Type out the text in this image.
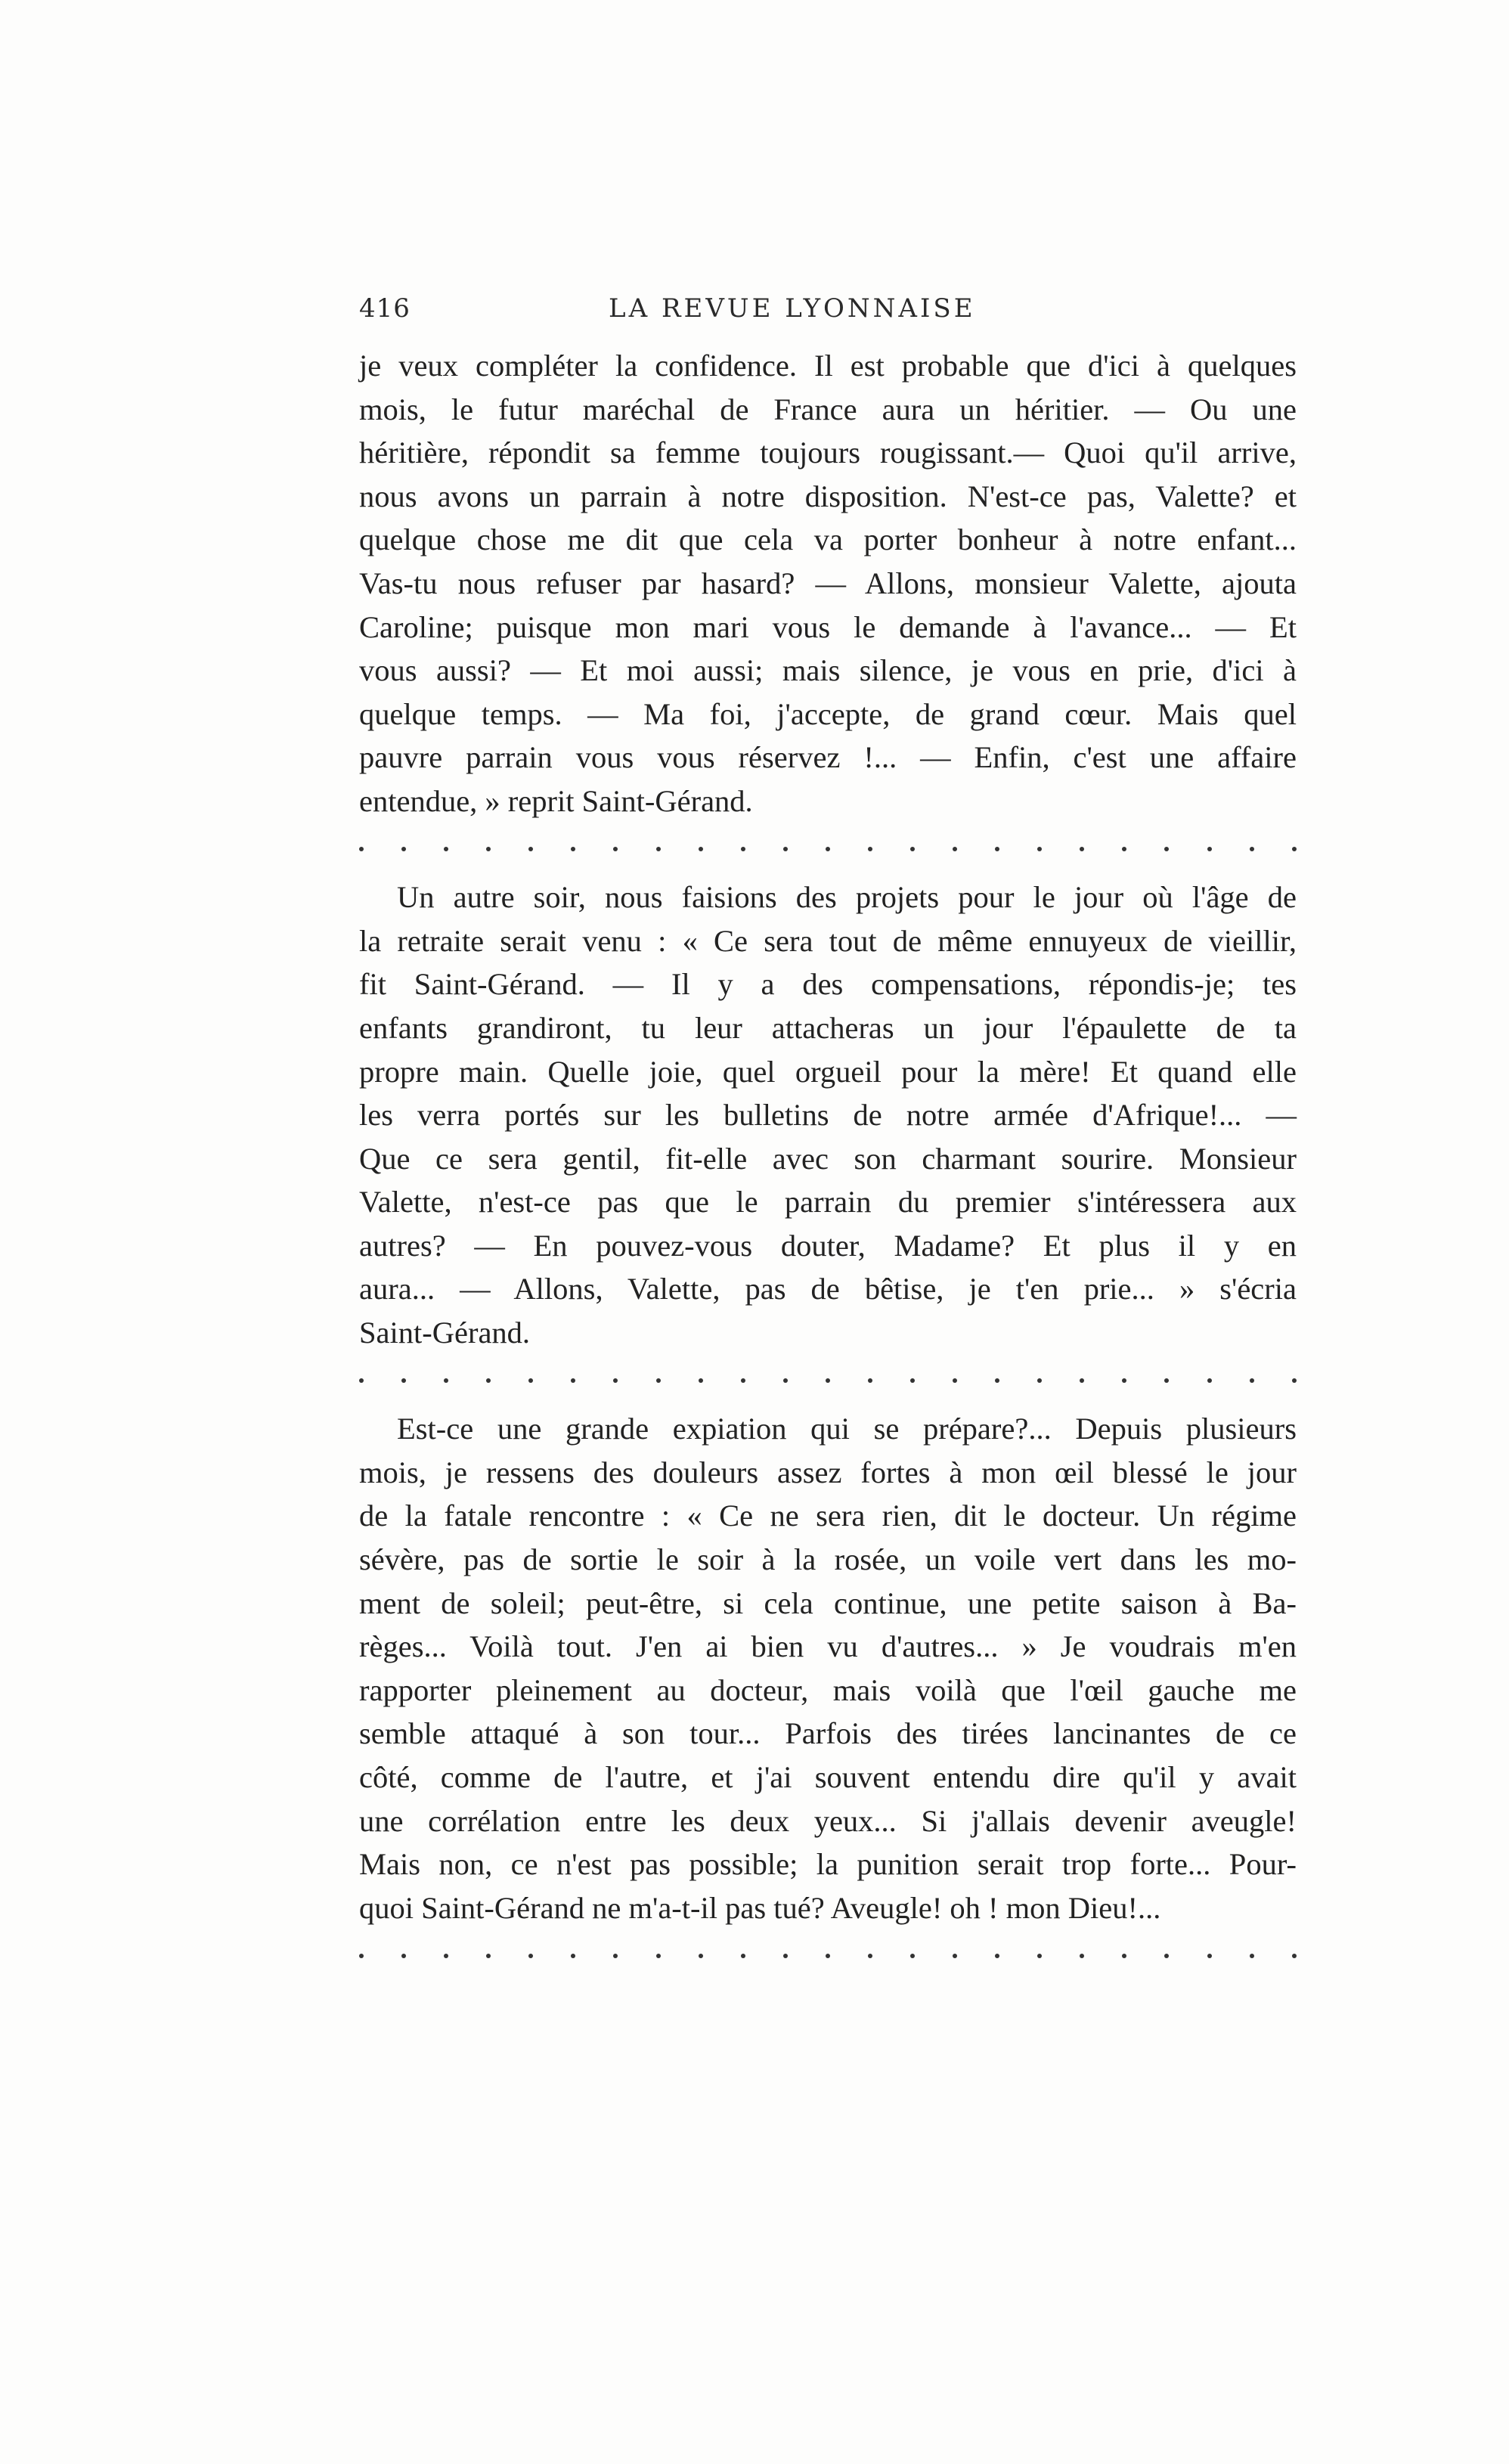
416	LA REVUE LYONNAISE
je veux compléter la confidence. Il est probable que d'ici à quelques
mois, le futur maréchal de France aura un héritier. — Ou une
héritière, répondit sa femme toujours rougissant.— Quoi qu'il arrive,
nous avons un parrain à notre disposition. N'est-ce pas, Valette? et
quelque chose me dit que cela va porter bonheur à notre enfant...
Vas-tu nous refuser par hasard? — Allons, monsieur Valette, ajouta
Caroline; puisque mon mari vous le demande à l'avance... — Et
vous aussi? — Et moi aussi; mais silence, je vous en prie, d'ici à
quelque temps. — Ma foi, j'accepte, de grand cœur. Mais quel
pauvre parrain vous vous réservez !... — Enfin, c'est une affaire
entendue, » reprit Saint-Gérand.
Un autre soir, nous faisions des projets pour le jour où l'âge de
la retraite serait venu : « Ce sera tout de même ennuyeux de vieillir,
fit Saint-Gérand. — Il y a des compensations, répondis-je; tes
enfants grandiront, tu leur attacheras un jour l'épaulette de ta
propre main. Quelle joie, quel orgueil pour la mère! Et quand elle
les verra portés sur les bulletins de notre armée d'Afrique!... —
Que ce sera gentil, fit-elle avec son charmant sourire. Monsieur
Valette, n'est-ce pas que le parrain du premier s'intéressera aux
autres? — En pouvez-vous douter, Madame? Et plus il y en
aura... — Allons, Valette, pas de bêtise, je t'en prie... » s'écria
Saint-Gérand.
Est-ce une grande expiation qui se prépare?... Depuis plusieurs
mois, je ressens des douleurs assez fortes à mon œil blessé le jour
de la fatale rencontre : « Ce ne sera rien, dit le docteur. Un régime
sévère, pas de sortie le soir à la rosée, un voile vert dans les mo-
ment de soleil; peut-être, si cela continue, une petite saison à Ba-
règes... Voilà tout. J'en ai bien vu d'autres... » Je voudrais m'en
rapporter pleinement au docteur, mais voilà que l'œil gauche me
semble attaqué à son tour... Parfois des tirées lancinantes de ce
côté, comme de l'autre, et j'ai souvent entendu dire qu'il y avait
une corrélation entre les deux yeux... Si j'allais devenir aveugle!
Mais non, ce n'est pas possible; la punition serait trop forte... Pour-
quoi Saint-Gérand ne m'a-t-il pas tué? Aveugle! oh ! mon Dieu!...
